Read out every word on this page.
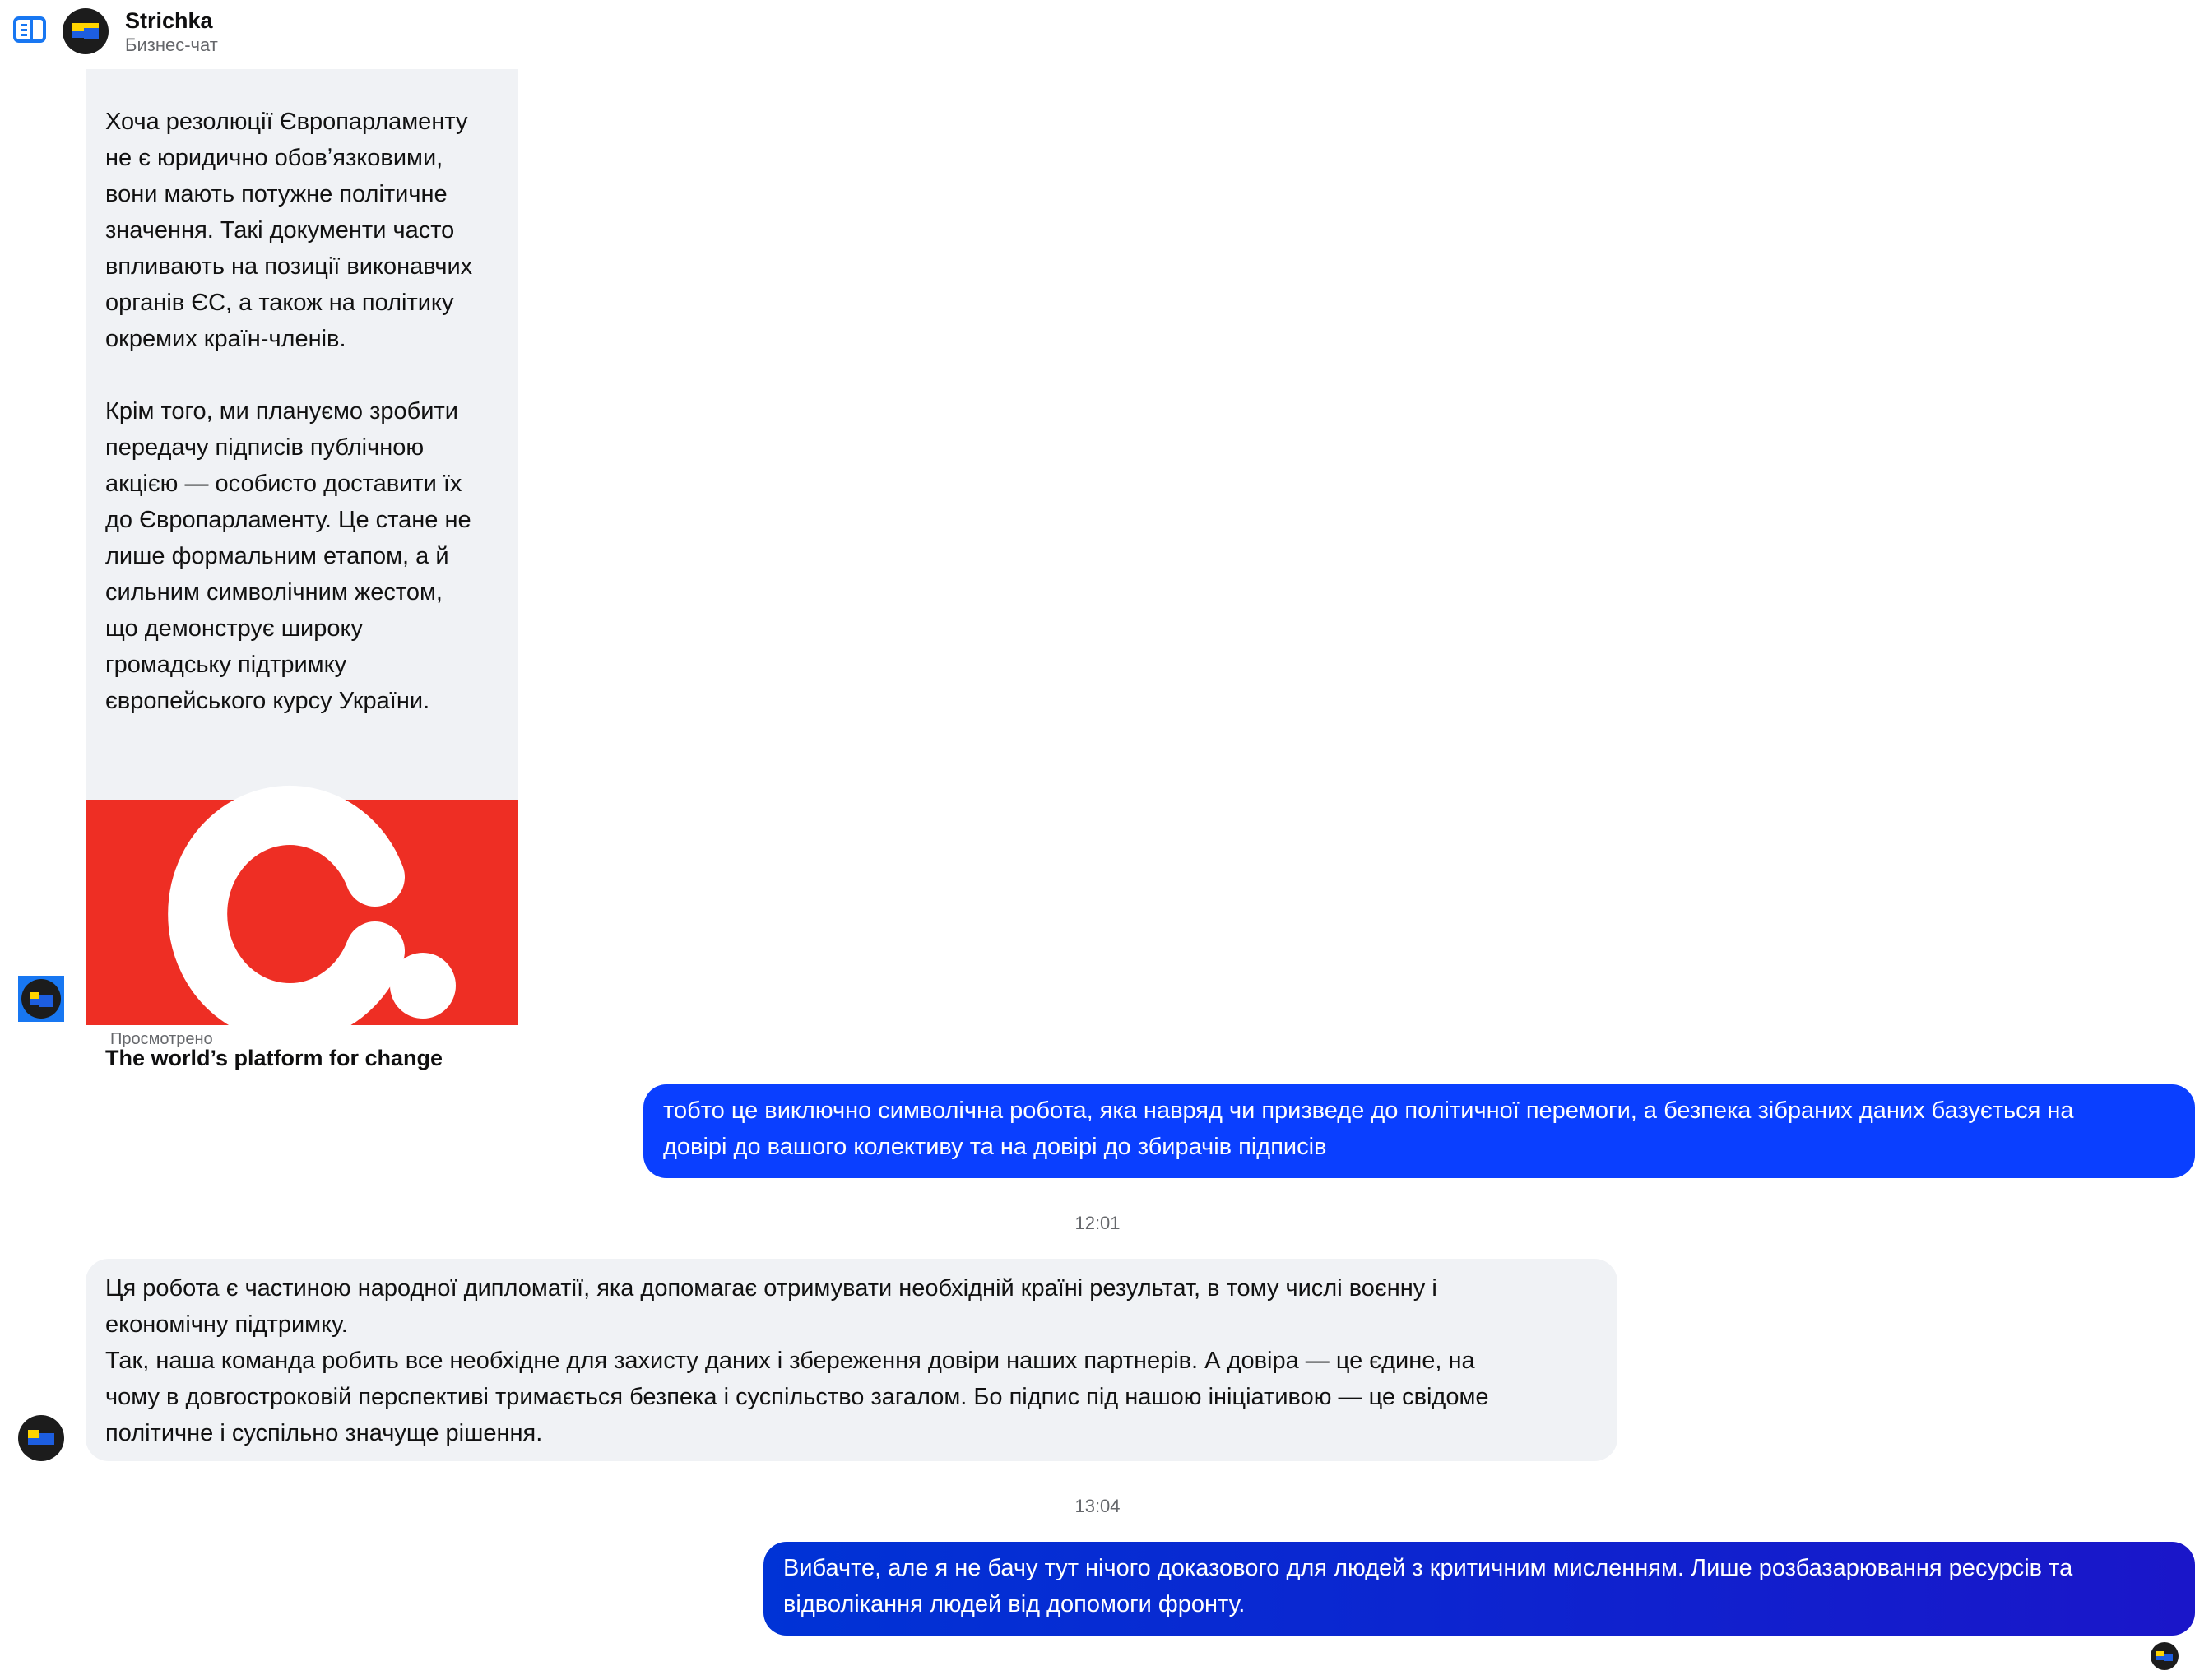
Strichka
Бизнес-чат

Хоча резолюції Європарламенту
не є юридично обовʼязковими,
вони мають потужне політичне
значення. Такі документи часто
впливають на позиції виконавчих
органів ЄС, а також на політику
окремих країн-членів.

Крім того, ми плануємо зробити
передачу підписів публічною
акцією — особисто доставити їх
до Європарламенту. Це стане не
лише формальним етапом, а й
сильним символічним жестом,
що демонструє широку
громадську підтримку
європейського курсу України.

The world’s platform for change
Просмотрено

тобто це виключно символічна робота, яка навряд чи призведе до політичної перемоги, а безпека зібраних даних базується на
довірі до вашого колективу та на довірі до збирачів підписів

12:01

Ця робота є частиною народної дипломатії, яка допомагає отримувати необхідній країні результат, в тому числі воєнну і
економічну підтримку.
Так, наша команда робить все необхідне для захисту даних і збереження довіри наших партнерів. А довіра — це єдине, на
чому в довгостроковій перспективі тримається безпека і суспільство загалом. Бо підпис під нашою ініціативою — це свідоме
політичне і суспільно значуще рішення.

13:04

Вибачте, але я не бачу тут нічого доказового для людей з критичним мисленням. Лише розбазарювання ресурсів та
відволікання людей від допомоги фронту.
